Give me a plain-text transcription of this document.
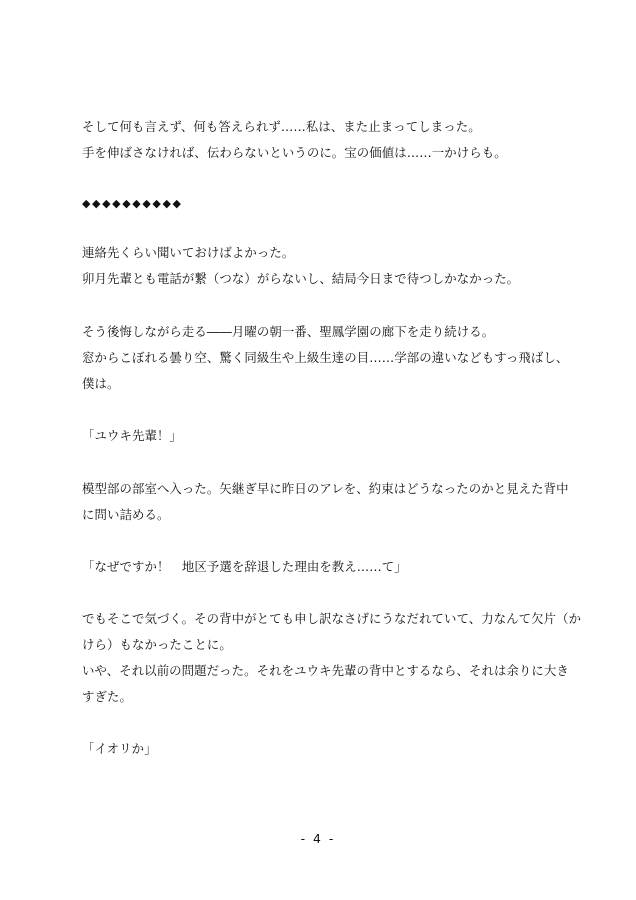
そして何も言えず、何も答えられず……私は、また止まってしまった。
手を伸ばさなければ、伝わらないというのに。宝の価値は……一かけらも。
◆◆◆◆◆◆◆◆◆◆
連絡先くらい聞いておけばよかった。
卯月先輩とも電話が繋（つな）がらないし、結局今日まで待つしかなかった。
そう後悔しながら走る――月曜の朝一番、聖鳳学園の廊下を走り続ける。
窓からこぼれる曇り空、驚く同級生や上級生達の目……学部の違いなどもすっ飛ばし、
僕は。
「ユウキ先輩！」
模型部の部室へ入った。矢継ぎ早に昨日のアレを、約束はどうなったのかと見えた背中
に問い詰める。
「なぜですか！　地区予選を辞退した理由を教え……て」
でもそこで気づく。その背中がとても申し訳なさげにうなだれていて、力なんて欠片（か
けら）もなかったことに。
いや、それ以前の問題だった。それをユウキ先輩の背中とするなら、それは余りに大き
すぎた。
「イオリか」
- 4 -
